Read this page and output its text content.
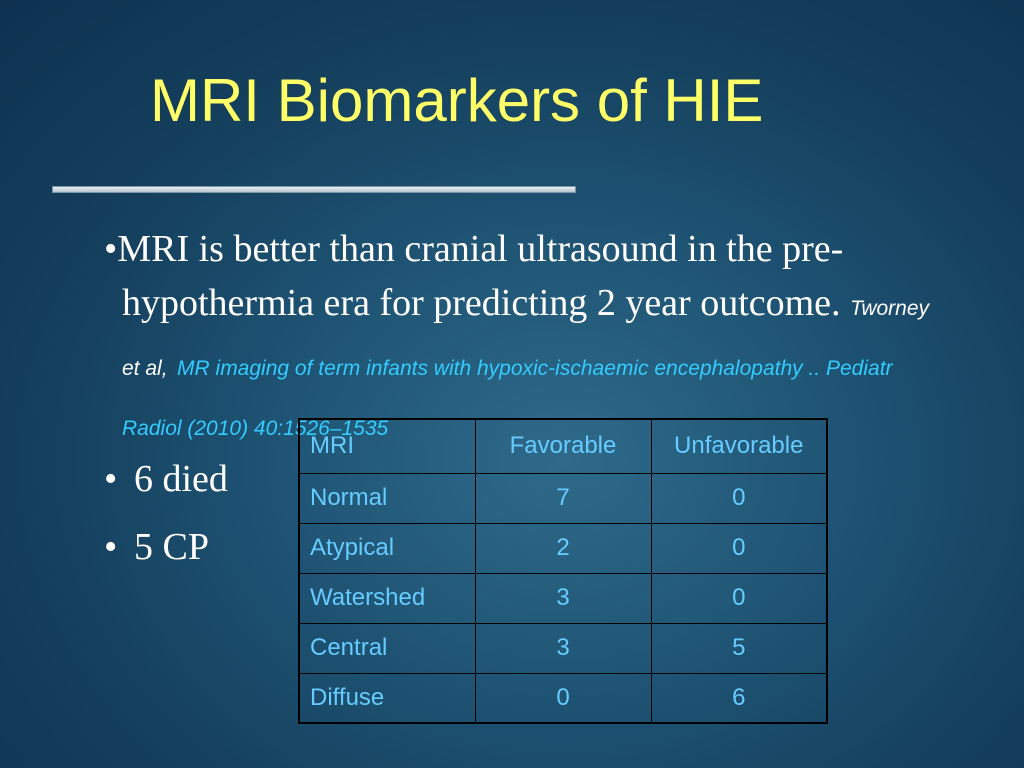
MRI Biomarkers of HIE
•MRI is better than cranial ultrasound in the pre-hypothermia era for predicting 2 year outcome. Tworney et al, MR imaging of term infants with hypoxic-ischaemic encephalopathy .. Pediatr Radiol (2010) 40:1526–1535
• 6 died
• 5 CP
MRI	Favorable	Unfavorable
Normal	7	0
Atypical	2	0
Watershed	3	0
Central	3	5
Diffuse	0	6
